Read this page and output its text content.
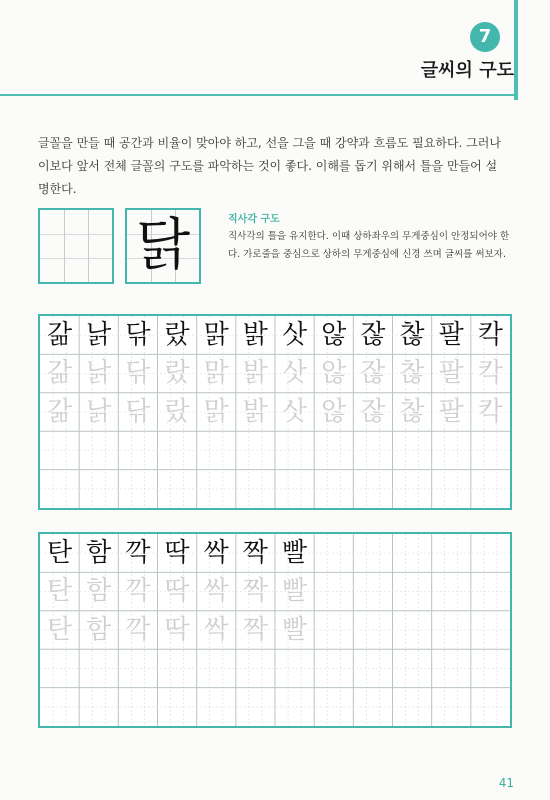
7
글씨의 구도
글꼴을 만들 때 공간과 비율이 맞아야 하고, 선을 그을 때 강약과 흐름도 필요하다. 그러나 이보다 앞서 전체 글꼴의 구도를 파악하는 것이 좋다. 이해를 돕기 위해서 틀을 만들어 설명한다.
닭	직사각 구도
직사각의 틀을 유지한다. 이때 상하좌우의 무게중심이 안정되어야 한다. 가로줄을 중심으로 상하의 무게중심에 신경 쓰며 글씨를 써보자.
갊 낡 닦 랐 맑 밝 삿 않 잖 찮 팔 칵
갊 낡 닦 랐 맑 밝 삿 않 잖 찮 팔 칵
갊 낡 닦 랐 맑 밝 삿 않 잖 찮 팔 칵
탄 함 깍 딱 싹 짝 빨
탄 함 깍 딱 싹 짝 빨
탄 함 깍 딱 싹 짝 빨
41
